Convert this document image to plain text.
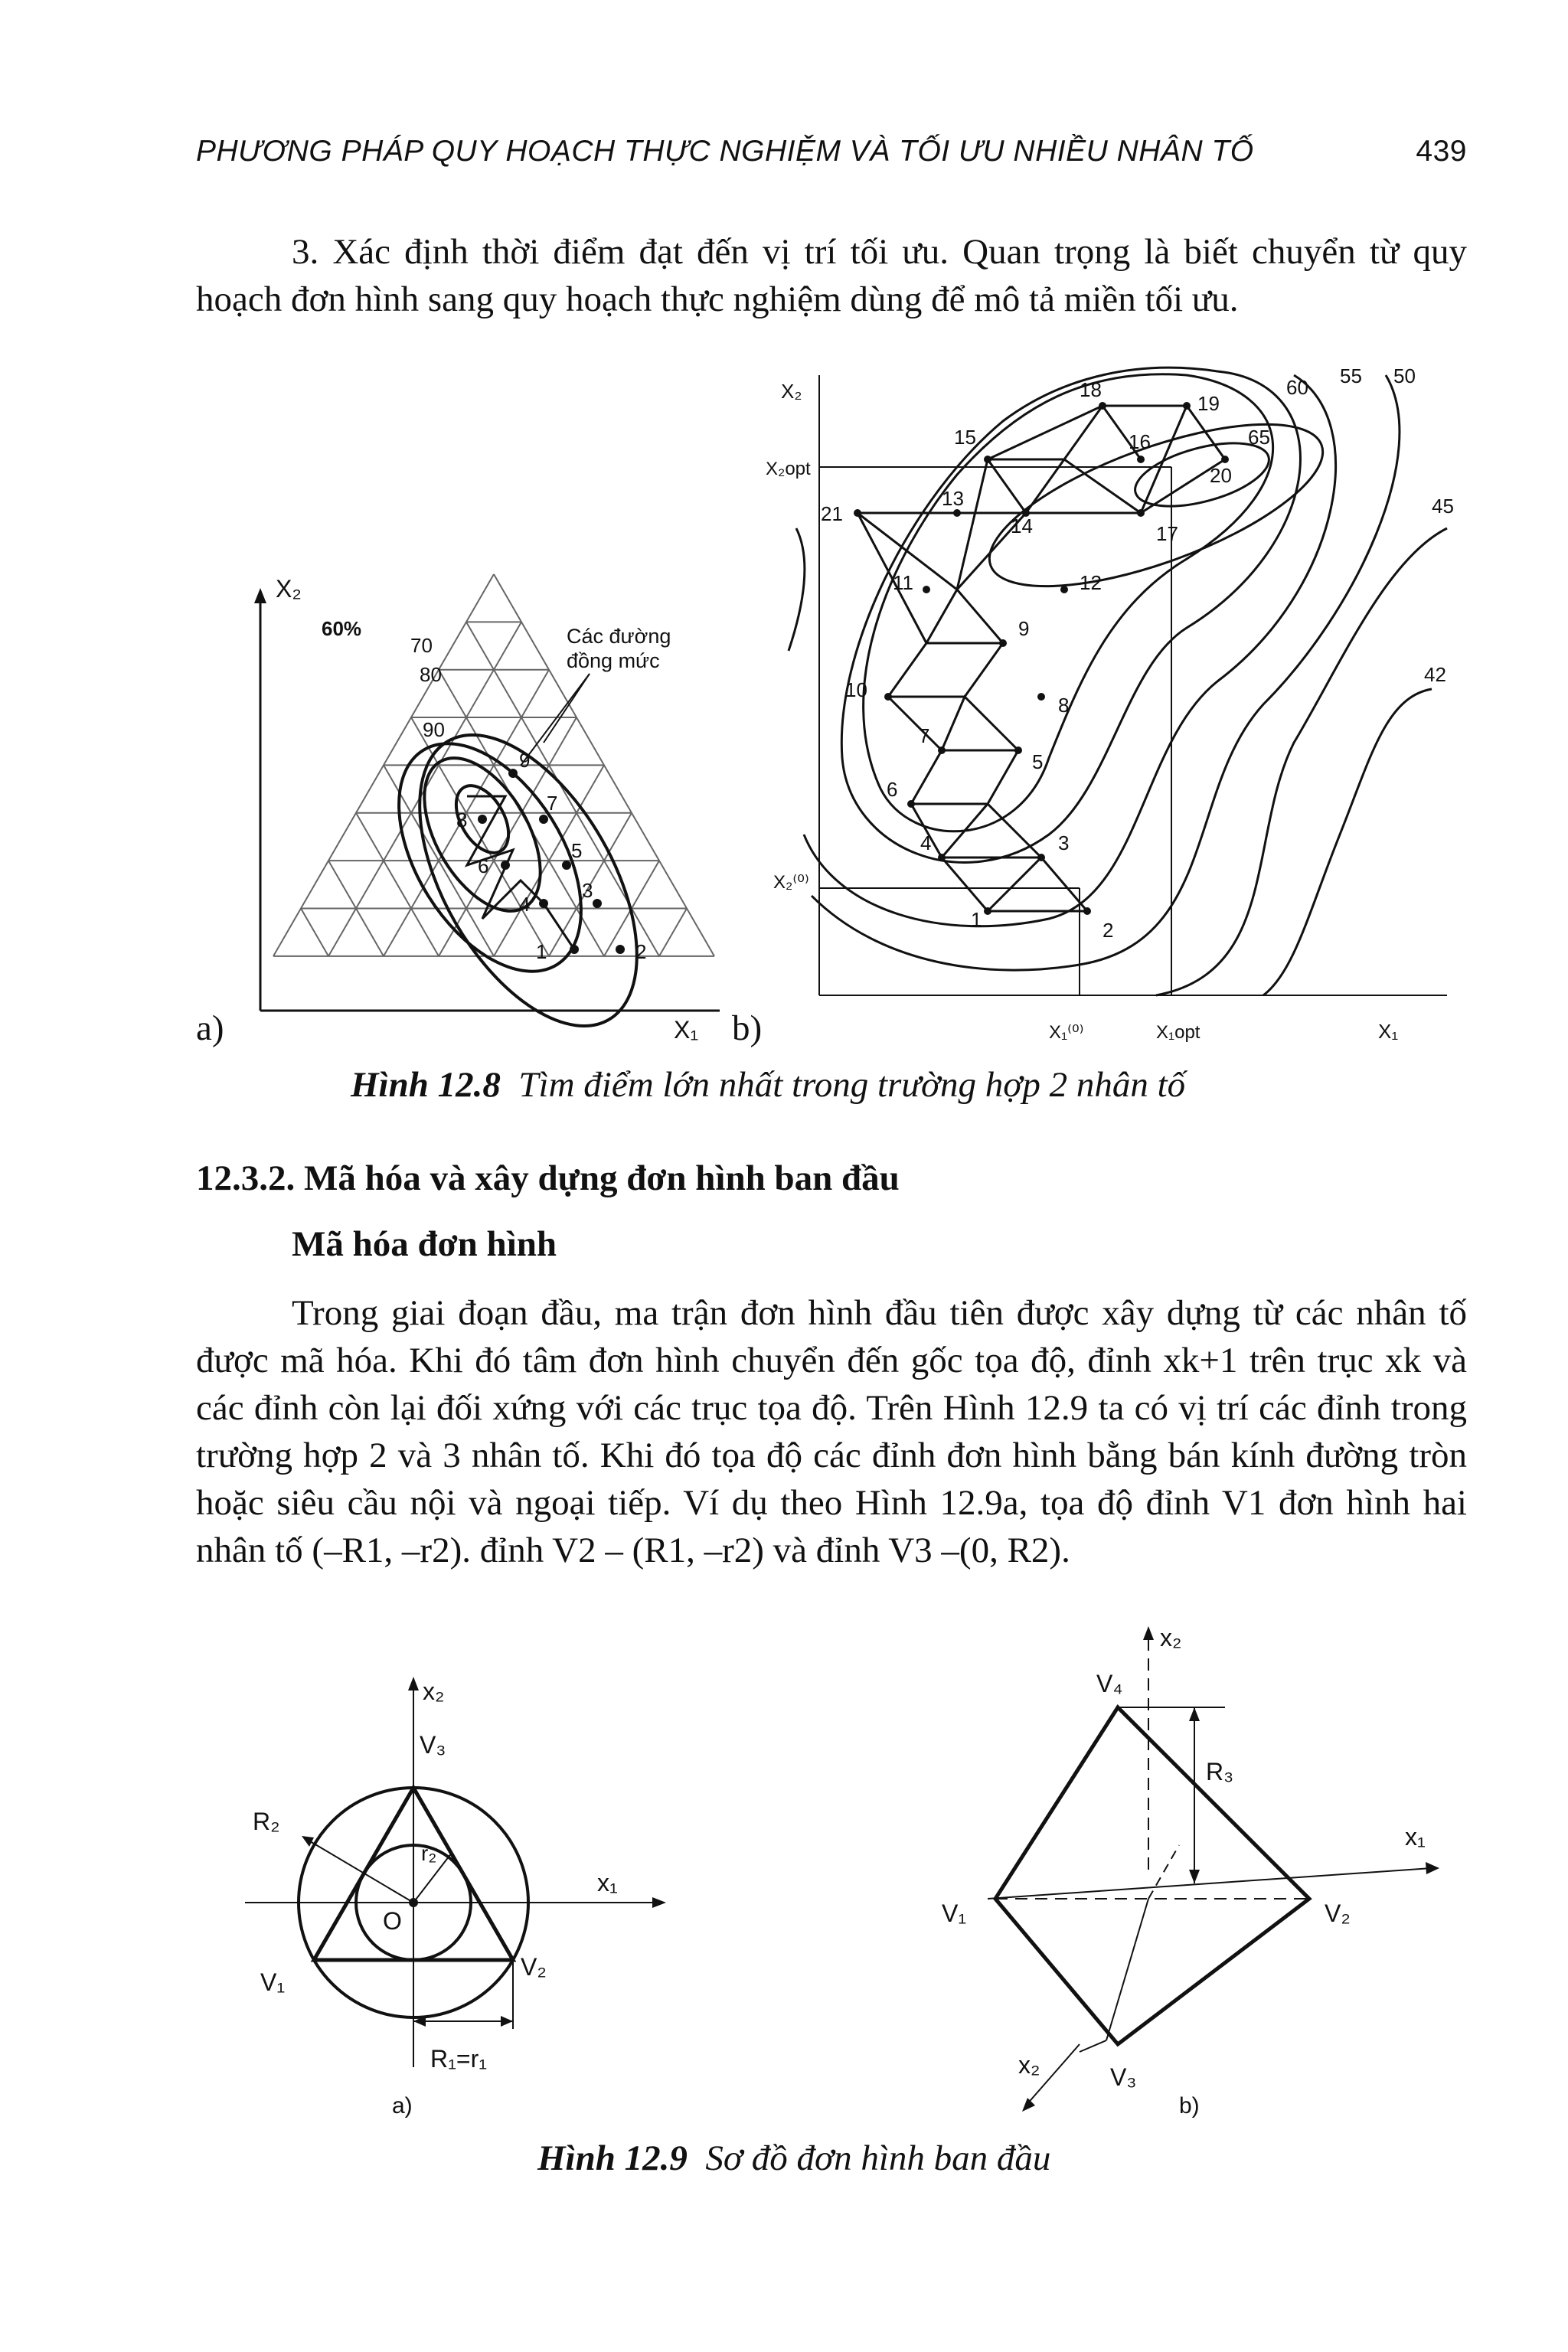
PHƯƠNG PHÁP QUY HOẠCH THỰC NGHIỆM VÀ TỐI ƯU NHIỀU NHÂN TỐ	439
3. Xác định thời điểm đạt đến vị trí tối ưu. Quan trọng là biết chuyển từ quy hoạch đơn hình sang quy hoạch thực nghiệm dùng để mô tả miền tối ưu.
X₂
60%
70
80
90
Các đường
đồng mức
1	2
3
4
5
6
7
8
9
a)	X₁ b)
X₂
X₂opt
X₂⁽⁰⁾
42
45
50
55
60
65
1	2
3
4
5
6
7
8
9
10
11	12
13
14
15	16
17
18
19
20
21
X₁⁽⁰⁾	X₁opt	X₁
Hình 12.8 Tìm điểm lớn nhất trong trường hợp 2 nhân tố
12.3.2. Mã hóa và xây dựng đơn hình ban đầu
Mã hóa đơn hình
Trong giai đoạn đầu, ma trận đơn hình đầu tiên được xây dựng từ các nhân tố được mã hóa. Khi đó tâm đơn hình chuyển đến gốc tọa độ, đỉnh xk+1 trên trục xk và các đỉnh còn lại đối xứng với các trục tọa độ. Trên Hình 12.9 ta có vị trí các đỉnh trong trường hợp 2 và 3 nhân tố. Khi đó tọa độ các đỉnh đơn hình bằng bán kính đường tròn hoặc siêu cầu nội và ngoại tiếp. Ví dụ theo Hình 12.9a, tọa độ đỉnh V1 đơn hình hai nhân tố (–R1, –r2). đỉnh V2 – (R1, –r2) và đỉnh V3 –(0, R2).
x₂
V₃
R₂
r₂
x₁
O
V₂
V₁
R₁=r₁
a)
x₂
V₄
R₃
x₁
V₁	V₂
x₂	V₃
b)
Hình 12.9 Sơ đồ đơn hình ban đầu
